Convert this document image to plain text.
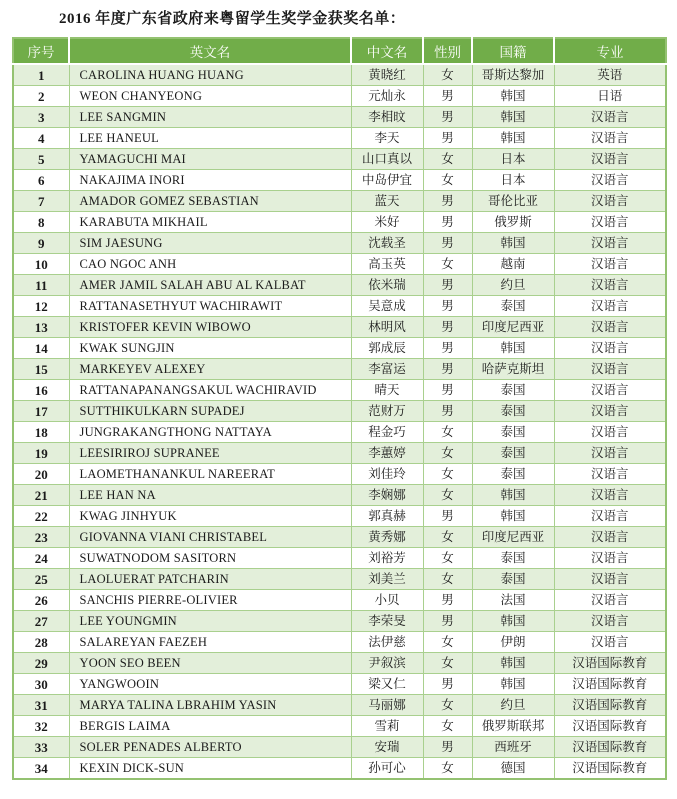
2016 年度广东省政府来粤留学生奖学金获奖名单：
序号	英文名	中文名	性别	国籍	专业
1	CAROLINA HUANG HUANG	黄晓红	女	哥斯达黎加	英语
2	WEON CHANYEONG	元灿永	男	韩国	日语
3	LEE SANGMIN	李相旼	男	韩国	汉语言
4	LEE HANEUL	李天	男	韩国	汉语言
5	YAMAGUCHI MAI	山口真以	女	日本	汉语言
6	NAKAJIMA INORI	中岛伊宜	女	日本	汉语言
7	AMADOR GOMEZ SEBASTIAN	蓝天	男	哥伦比亚	汉语言
8	KARABUTA MIKHAIL	米好	男	俄罗斯	汉语言
9	SIM JAESUNG	沈载圣	男	韩国	汉语言
10	CAO NGOC ANH	高玉英	女	越南	汉语言
11	AMER JAMIL SALAH ABU AL KALBAT	依米瑞	男	约旦	汉语言
12	RATTANASETHYUT WACHIRAWIT	吴意成	男	泰国	汉语言
13	KRISTOFER KEVIN WIBOWO	林明风	男	印度尼西亚	汉语言
14	KWAK SUNGJIN	郭成辰	男	韩国	汉语言
15	MARKEYEV ALEXEY	李富运	男	哈萨克斯坦	汉语言
16	RATTANAPANANGSAKUL WACHIRAVID	晴天	男	泰国	汉语言
17	SUTTHIKULKARN SUPADEJ	范财万	男	泰国	汉语言
18	JUNGRAKANGTHONG NATTAYA	程金巧	女	泰国	汉语言
19	LEESIRIROJ SUPRANEE	李蕙婷	女	泰国	汉语言
20	LAOMETHANANKUL NAREERAT	刘佳玲	女	泰国	汉语言
21	LEE HAN NA	李娴娜	女	韩国	汉语言
22	KWAG JINHYUK	郭真赫	男	韩国	汉语言
23	GIOVANNA VIANI CHRISTABEL	黄秀娜	女	印度尼西亚	汉语言
24	SUWATNODOM SASITORN	刘裕芳	女	泰国	汉语言
25	LAOLUERAT PATCHARIN	刘美兰	女	泰国	汉语言
26	SANCHIS PIERRE-OLIVIER	小贝	男	法国	汉语言
27	LEE YOUNGMIN	李荣旻	男	韩国	汉语言
28	SALAREYAN FAEZEH	法伊慈	女	伊朗	汉语言
29	YOON SEO BEEN	尹叙滨	女	韩国	汉语国际教育
30	YANGWOOIN	梁又仁	男	韩国	汉语国际教育
31	MARYA TALINA LBRAHIM YASIN	马丽娜	女	约旦	汉语国际教育
32	BERGIS LAIMA	雪莉	女	俄罗斯联邦	汉语国际教育
33	SOLER PENADES ALBERTO	安瑞	男	西班牙	汉语国际教育
34	KEXIN DICK-SUN	孙可心	女	德国	汉语国际教育
